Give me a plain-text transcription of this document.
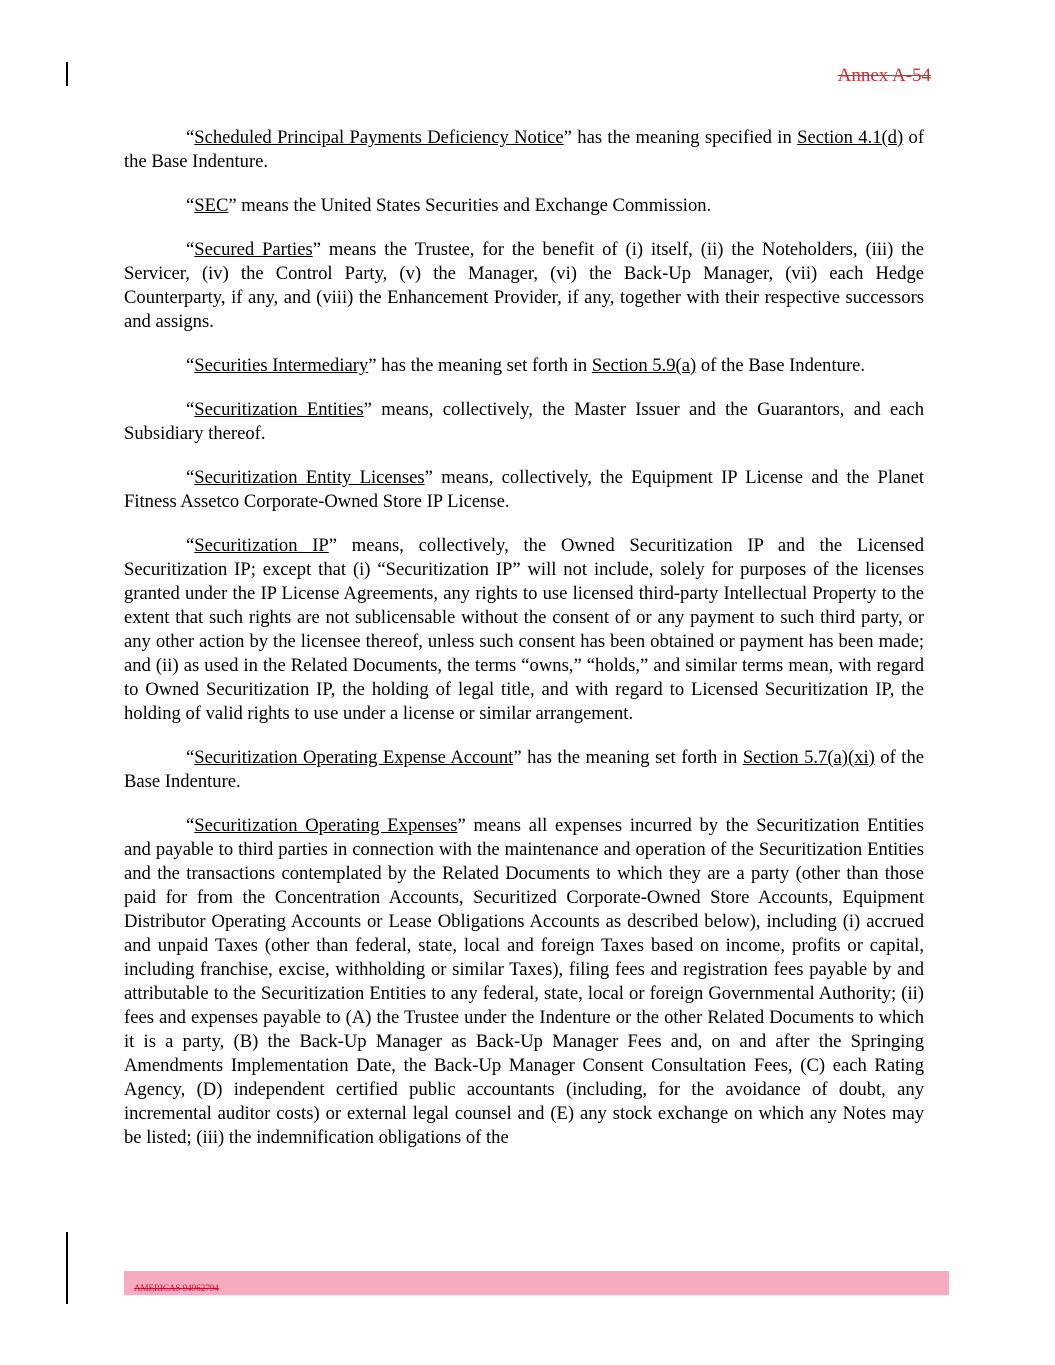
Annex A-54

“Scheduled Principal Payments Deficiency Notice” has the meaning specified in Section 4.1(d) of the Base Indenture.

“SEC” means the United States Securities and Exchange Commission.

“Secured Parties” means the Trustee, for the benefit of (i) itself, (ii) the Noteholders, (iii) the Servicer, (iv) the Control Party, (v) the Manager, (vi) the Back-Up Manager, (vii) each Hedge Counterparty, if any, and (viii) the Enhancement Provider, if any, together with their respective successors and assigns.

“Securities Intermediary” has the meaning set forth in Section 5.9(a) of the Base Indenture.

“Securitization Entities” means, collectively, the Master Issuer and the Guarantors, and each Subsidiary thereof.

“Securitization Entity Licenses” means, collectively, the Equipment IP License and the Planet Fitness Assetco Corporate-Owned Store IP License.

“Securitization IP” means, collectively, the Owned Securitization IP and the Licensed Securitization IP; except that (i) “Securitization IP” will not include, solely for purposes of the licenses granted under the IP License Agreements, any rights to use licensed third-party Intellectual Property to the extent that such rights are not sublicensable without the consent of or any payment to such third party, or any other action by the licensee thereof, unless such consent has been obtained or payment has been made; and (ii) as used in the Related Documents, the terms “owns,” “holds,” and similar terms mean, with regard to Owned Securitization IP, the holding of legal title, and with regard to Licensed Securitization IP, the holding of valid rights to use under a license or similar arrangement.

“Securitization Operating Expense Account” has the meaning set forth in Section 5.7(a)(xi) of the Base Indenture.

“Securitization Operating Expenses” means all expenses incurred by the Securitization Entities and payable to third parties in connection with the maintenance and operation of the Securitization Entities and the transactions contemplated by the Related Documents to which they are a party (other than those paid for from the Concentration Accounts, Securitized Corporate-Owned Store Accounts, Equipment Distributor Operating Accounts or Lease Obligations Accounts as described below), including (i) accrued and unpaid Taxes (other than federal, state, local and foreign Taxes based on income, profits or capital, including franchise, excise, withholding or similar Taxes), filing fees and registration fees payable by and attributable to the Securitization Entities to any federal, state, local or foreign Governmental Authority; (ii) fees and expenses payable to (A) the Trustee under the Indenture or the other Related Documents to which it is a party, (B) the Back-Up Manager as Back-Up Manager Fees and, on and after the Springing Amendments Implementation Date, the Back-Up Manager Consent Consultation Fees, (C) each Rating Agency, (D) independent certified public accountants (including, for the avoidance of doubt, any incremental auditor costs) or external legal counsel and (E) any stock exchange on which any Notes may be listed; (iii) the indemnification obligations of the

AMERICAS 94962794
